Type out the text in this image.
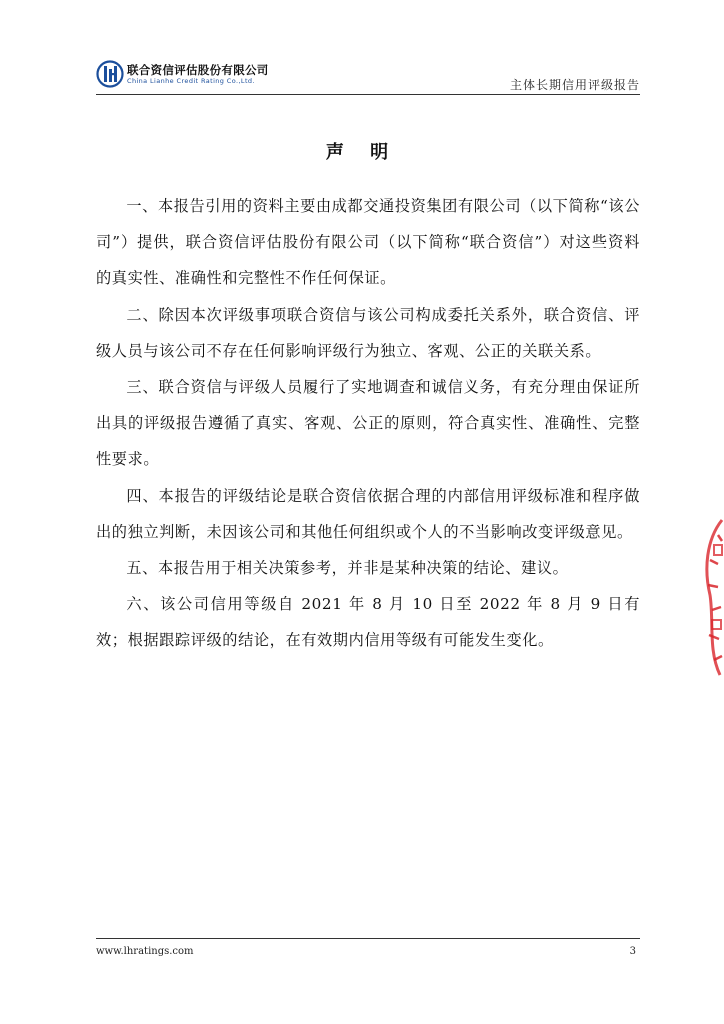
联合资信评估股份有限公司
China Lianhe Credit Rating Co.,Ltd.	主体长期信用评级报告
声 明

一、本报告引用的资料主要由成都交通投资集团有限公司（以下简称“该公司”）提供，联合资信评估股份有限公司（以下简称“联合资信”）对这些资料的真实性、准确性和完整性不作任何保证。

二、除因本次评级事项联合资信与该公司构成委托关系外，联合资信、评级人员与该公司不存在任何影响评级行为独立、客观、公正的关联关系。

三、联合资信与评级人员履行了实地调查和诚信义务，有充分理由保证所出具的评级报告遵循了真实、客观、公正的原则，符合真实性、准确性、完整性要求。

四、本报告的评级结论是联合资信依据合理的内部信用评级标准和程序做出的独立判断，未因该公司和其他任何组织或个人的不当影响改变评级意见。

五、本报告用于相关决策参考，并非是某种决策的结论、建议。

六、该公司信用等级自 2021 年 8 月 10 日至 2022 年 8 月 9 日有效；根据跟踪评级的结论，在有效期内信用等级有可能发生变化。

www.lhratings.com	3
